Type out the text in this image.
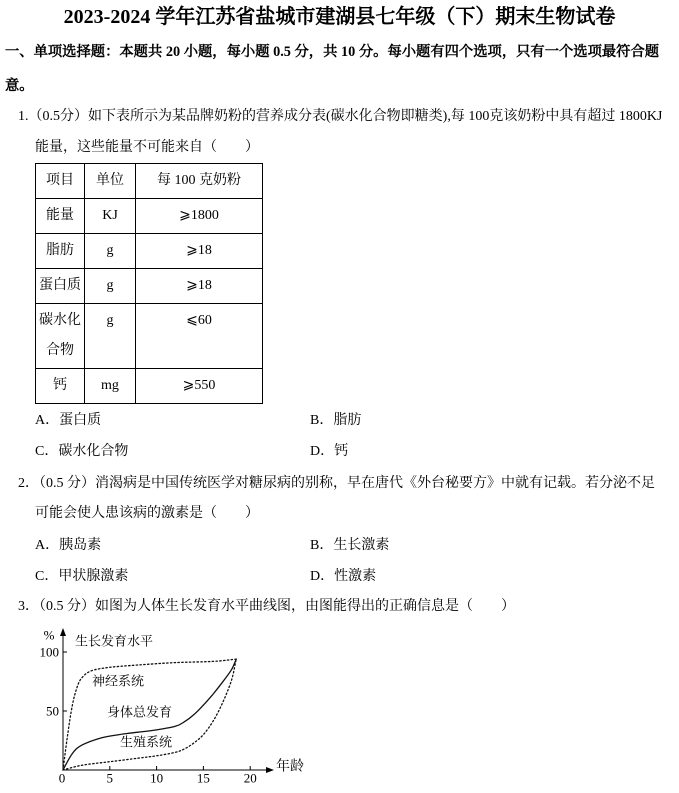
2023-2024 学年江苏省盐城市建湖县七年级（下）期末生物试卷
一、单项选择题：本题共 20 小题，每小题 0.5 分，共 10 分。每小题有四个选项，只有一个选项最符合题
意。
1.（0.5分）如下表所示为某品牌奶粉的营养成分表(碳水化合物即糖类),每 100克该奶粉中具有超过 1800KJ
能量，这些能量不可能来自（　　）
项目	单位	每 100 克奶粉
能量	KJ	⩾1800
脂肪	g	⩾18
蛋白质	g	⩾18
碳水化合物	g	⩽60
钙	mg	⩾550
A．蛋白质	B．脂肪
C．碳水化合物	D．钙
2．（0.5 分）消渴病是中国传统医学对糖尿病的别称，早在唐代《外台秘要方》中就有记载。若分泌不足
可能会使人患该病的激素是（　　）
A．胰岛素	B．生长激素
C．甲状腺激素	D．性激素
3．（0.5 分）如图为人体生长发育水平曲线图，由图能得出的正确信息是（　　）
% 生长发育水平
年龄
50
100
0	5	10	15	20
神经系统
身体总发育
生殖系统
